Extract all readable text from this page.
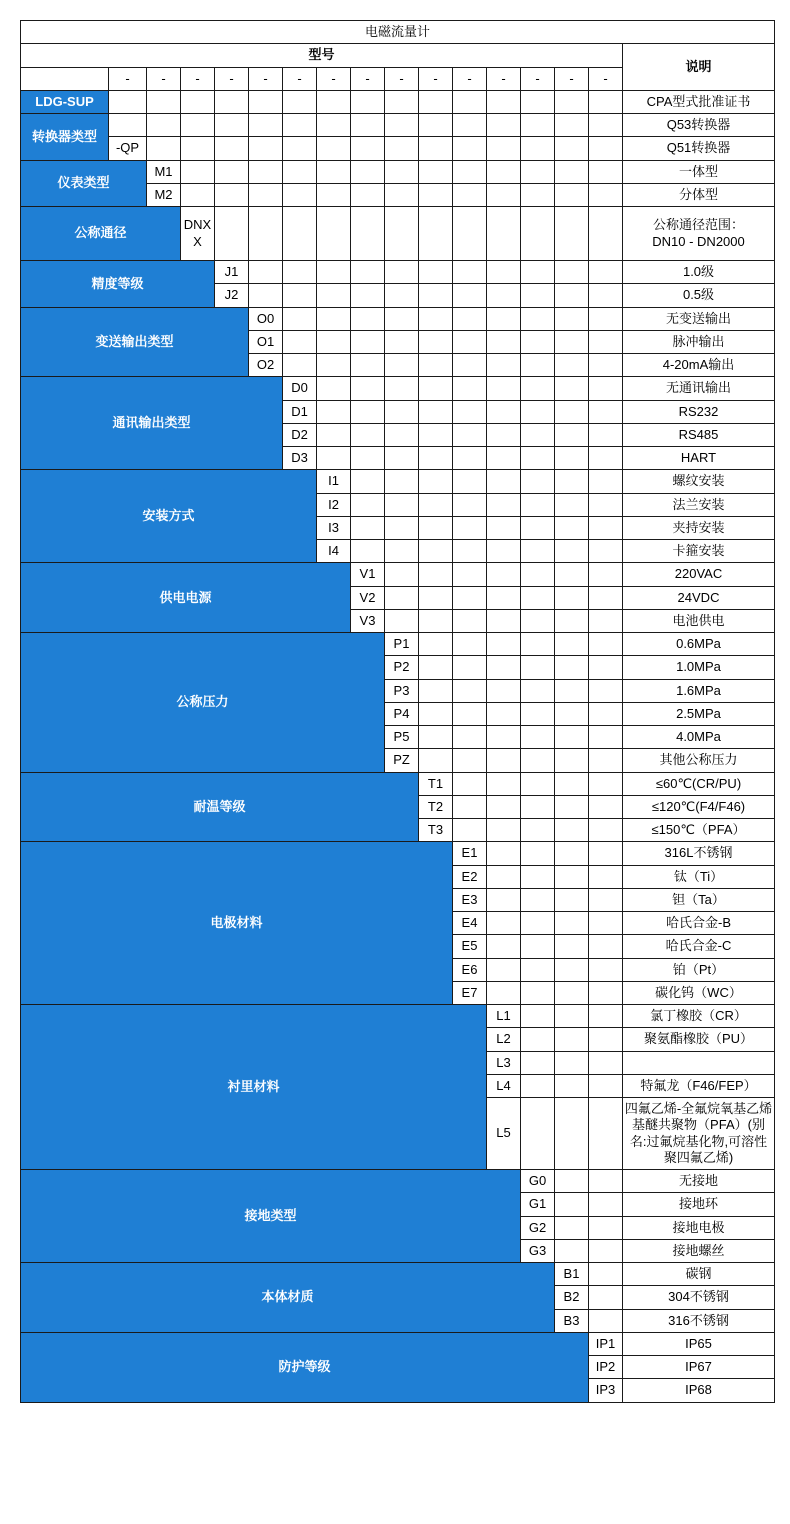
电磁流量计																
型号																说明
	-	-	-	-	-	-	-	-	-	-	-	-	-	-	-	
LDG-SUP																CPA型式批准证书
转换器类型																Q53转换器
	-QP															Q51转换器
仪表类型		M1														一体型
		M2														分体型
公称通径			DNXX													公称通径范围：
DN10 - DN2000

精度等级				J1												1.0级
				J2												0.5级
变送输出类型					O0											无变送输出
					O1											脉冲输出
					O2											4-20mA输出
通讯输出类型						D0										无通讯输出
						D1										RS232
						D2										RS485
						D3										HART
安装方式							I1									螺纹安装
							I2									法兰安装
							I3									夹持安装
							I4									卡箍安装
供电电源								V1								220VAC
								V2								24VDC
								V3								电池供电
公称压力									P1							0.6MPa
									P2							1.0MPa
									P3							1.6MPa
									P4							2.5MPa
									P5							4.0MPa
									PZ							其他公称压力
耐温等级										T1						≤60℃(CR/PU)
										T2						≤120℃(F4/F46)
										T3						≤150℃（PFA）
电极材料											E1					316L不锈钢
											E2					钛（Ti）
											E3					钽（Ta）
											E4					哈氏合金-B
											E5					哈氏合金-C
											E6					铂（Pt）
											E7					碳化钨（WC）
衬里材料												L1				氯丁橡胶（CR）
												L2				聚氨酯橡胶（PU）
												L3				
												L4				特氟龙（F46/FEP）
												L5				四氟乙烯-全氟烷氧基乙烯基醚共聚物（PFA）(别名:过氟烷基化物,可溶性聚四氟乙烯)
接地类型													G0			无接地
													G1			接地环
													G2			接地电极
													G3			接地螺丝
本体材质														B1		碳钢
														B2		304不锈钢
														B3		316不锈钢
防护等级															IP1	IP65
															IP2	IP67
															IP3	IP68
